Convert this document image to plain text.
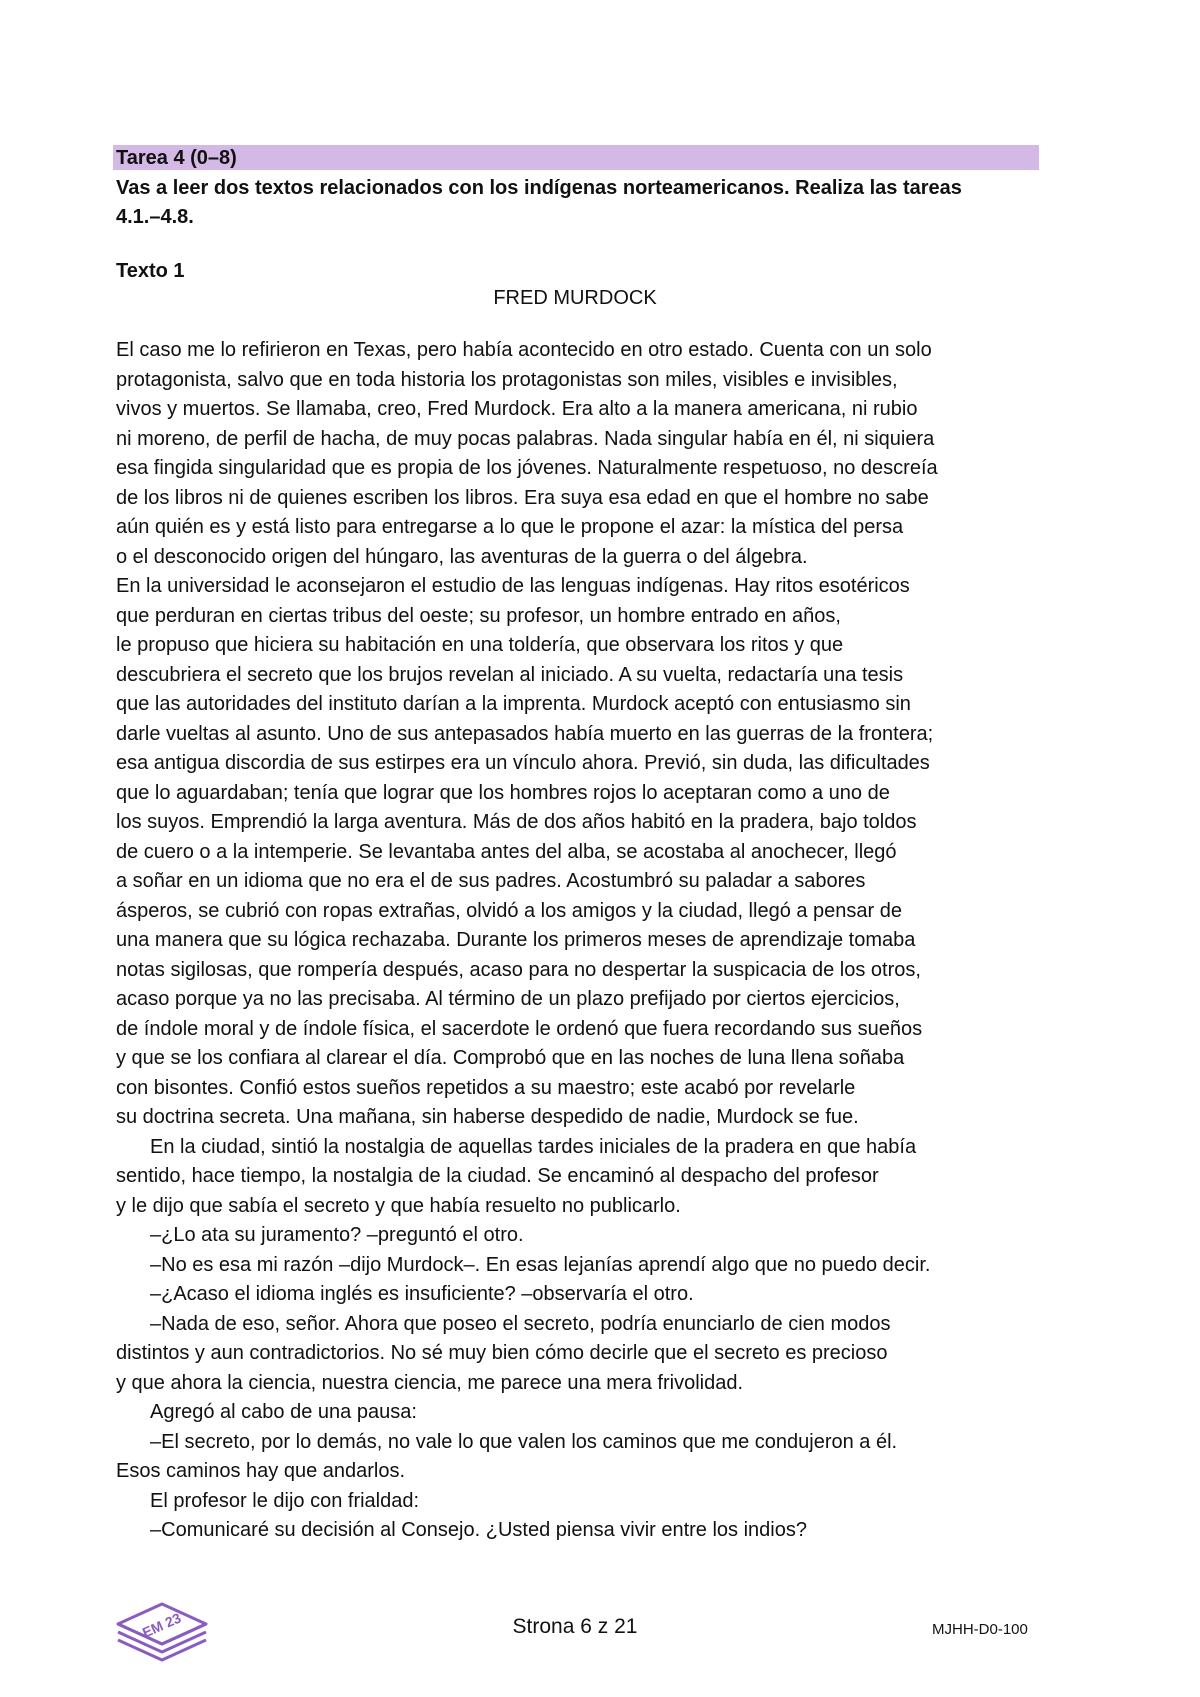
Tarea 4 (0–8)
Vas a leer dos textos relacionados con los indígenas norteamericanos. Realiza las tareas 4.1.–4.8.
Texto 1
FRED MURDOCK
El caso me lo refirieron en Texas, pero había acontecido en otro estado. Cuenta con un solo
protagonista, salvo que en toda historia los protagonistas son miles, visibles e invisibles,
vivos y muertos. Se llamaba, creo, Fred Murdock. Era alto a la manera americana, ni rubio
ni moreno, de perfil de hacha, de muy pocas palabras. Nada singular había en él, ni siquiera
esa fingida singularidad que es propia de los jóvenes. Naturalmente respetuoso, no descreía
de los libros ni de quienes escriben los libros. Era suya esa edad en que el hombre no sabe
aún quién es y está listo para entregarse a lo que le propone el azar: la mística del persa
o el desconocido origen del húngaro, las aventuras de la guerra o del álgebra.
En la universidad le aconsejaron el estudio de las lenguas indígenas. Hay ritos esotéricos
que perduran en ciertas tribus del oeste; su profesor, un hombre entrado en años,
le propuso que hiciera su habitación en una toldería, que observara los ritos y que
descubriera el secreto que los brujos revelan al iniciado. A su vuelta, redactaría una tesis
que las autoridades del instituto darían a la imprenta. Murdock aceptó con entusiasmo sin
darle vueltas al asunto. Uno de sus antepasados había muerto en las guerras de la frontera;
esa antigua discordia de sus estirpes era un vínculo ahora. Previó, sin duda, las dificultades
que lo aguardaban; tenía que lograr que los hombres rojos lo aceptaran como a uno de
los suyos. Emprendió la larga aventura. Más de dos años habitó en la pradera, bajo toldos
de cuero o a la intemperie. Se levantaba antes del alba, se acostaba al anochecer, llegó
a soñar en un idioma que no era el de sus padres. Acostumbró su paladar a sabores
ásperos, se cubrió con ropas extrañas, olvidó a los amigos y la ciudad, llegó a pensar de
una manera que su lógica rechazaba. Durante los primeros meses de aprendizaje tomaba
notas sigilosas, que rompería después, acaso para no despertar la suspicacia de los otros,
acaso porque ya no las precisaba. Al término de un plazo prefijado por ciertos ejercicios,
de índole moral y de índole física, el sacerdote le ordenó que fuera recordando sus sueños
y que se los confiara al clarear el día. Comprobó que en las noches de luna llena soñaba
con bisontes. Confió estos sueños repetidos a su maestro; este acabó por revelarle
su doctrina secreta. Una mañana, sin haberse despedido de nadie, Murdock se fue.
En la ciudad, sintió la nostalgia de aquellas tardes iniciales de la pradera en que había
sentido, hace tiempo, la nostalgia de la ciudad. Se encaminó al despacho del profesor
y le dijo que sabía el secreto y que había resuelto no publicarlo.
–¿Lo ata su juramento? –preguntó el otro.
–No es esa mi razón –dijo Murdock–. En esas lejanías aprendí algo que no puedo decir.
–¿Acaso el idioma inglés es insuficiente? –observaría el otro.
–Nada de eso, señor. Ahora que poseo el secreto, podría enunciarlo de cien modos
distintos y aun contradictorios. No sé muy bien cómo decirle que el secreto es precioso
y que ahora la ciencia, nuestra ciencia, me parece una mera frivolidad.
Agregó al cabo de una pausa:
–El secreto, por lo demás, no vale lo que valen los caminos que me condujeron a él.
Esos caminos hay que andarlos.
El profesor le dijo con frialdad:
–Comunicaré su decisión al Consejo. ¿Usted piensa vivir entre los indios?
EM 23	Strona 6 z 21	MJHH-D0-100
